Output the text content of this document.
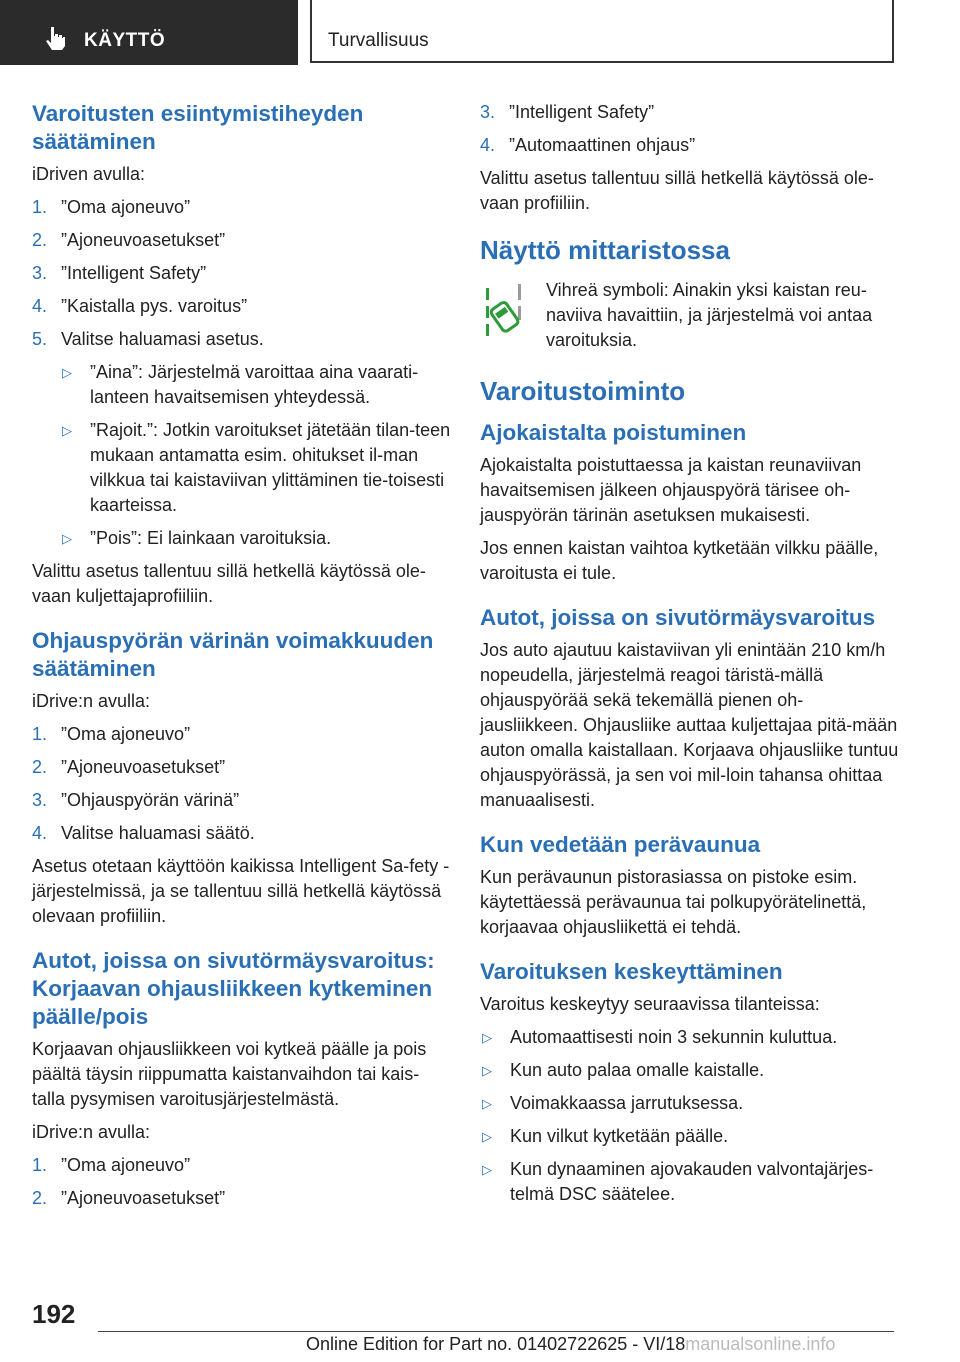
KÄYTTÖ	Turvallisuus
Varoitusten esiintymistiheyden säätäminen

iDriven avulla:

1. ”Oma ajoneuvo”
2. ”Ajoneuvoasetukset”
3. ”Intelligent Safety”
4. ”Kaistalla pys. varoitus”
5. Valitse haluamasi asetus.
▷ ”Aina”: Järjestelmä varoittaa aina vaarati-lanteen havaitsemisen yhteydessä.
▷ ”Rajoit.”: Jotkin varoitukset jätetään tilan-teen mukaan antamatta esim. ohitukset il-man vilkkua tai kaistaviivan ylittäminen tie-toisesti kaarteissa.
▷ ”Pois”: Ei lainkaan varoituksia.

Valittu asetus tallentuu sillä hetkellä käytössä ole-vaan kuljettajaprofiiliin.

Ohjauspyörän värinän voimakkuuden säätäminen

iDrive:n avulla:

1. ”Oma ajoneuvo”
2. ”Ajoneuvoasetukset”
3. ”Ohjauspyörän värinä”
4. Valitse haluamasi säätö.

Asetus otetaan käyttöön kaikissa Intelligent Sa-fety -järjestelmissä, ja se tallentuu sillä hetkellä käytössä olevaan profiiliin.

Autot, joissa on sivutörmäysvaroitus: Korjaavan ohjausliikkeen kytkeminen päälle/pois

Korjaavan ohjausliikkeen voi kytkeä päälle ja pois päältä täysin riippumatta kaistanvaihdon tai kais-talla pysymisen varoitusjärjestelmästä.

iDrive:n avulla:

1. ”Oma ajoneuvo”
2. ”Ajoneuvoasetukset”
3. ”Intelligent Safety”
4. ”Automaattinen ohjaus”

Valittu asetus tallentuu sillä hetkellä käytössä ole-vaan profiiliin.

Näyttö mittaristossa

Vihreä symboli: Ainakin yksi kaistan reu-naviiva havaittiin, ja järjestelmä voi antaa varoituksia.

Varoitustoiminto
Ajokaistalta poistuminen

Ajokaistalta poistuttaessa ja kaistan reunaviivan havaitsemisen jälkeen ohjauspyörä tärisee oh-jauspyörän tärinän asetuksen mukaisesti.

Jos ennen kaistan vaihtoa kytketään vilkku päälle, varoitusta ei tule.

Autot, joissa on sivutörmäysvaroitus

Jos auto ajautuu kaistaviivan yli enintään 210 km/h nopeudella, järjestelmä reagoi täristä-mällä ohjauspyörää sekä tekemällä pienen oh-jausliikkeen. Ohjausliike auttaa kuljettajaa pitä-mään auton omalla kaistallaan. Korjaava ohjausliike tuntuu ohjauspyörässä, ja sen voi mil-loin tahansa ohittaa manuaalisesti.

Kun vedetään perävaunua

Kun perävaunun pistorasiassa on pistoke esim. käytettäessä perävaunua tai polkupyörätelinettä, korjaavaa ohjausliikettä ei tehdä.

Varoituksen keskeyttäminen

Varoitus keskeytyy seuraavissa tilanteissa:

▷ Automaattisesti noin 3 sekunnin kuluttua.
▷ Kun auto palaa omalle kaistalle.
▷ Voimakkaassa jarrutuksessa.
▷ Kun vilkut kytketään päälle.
▷ Kun dynaaminen ajovakauden valvontajärjes-telmä DSC säätelee.
192
Online Edition for Part no. 01402722625 - VI/18manualsonline.info
